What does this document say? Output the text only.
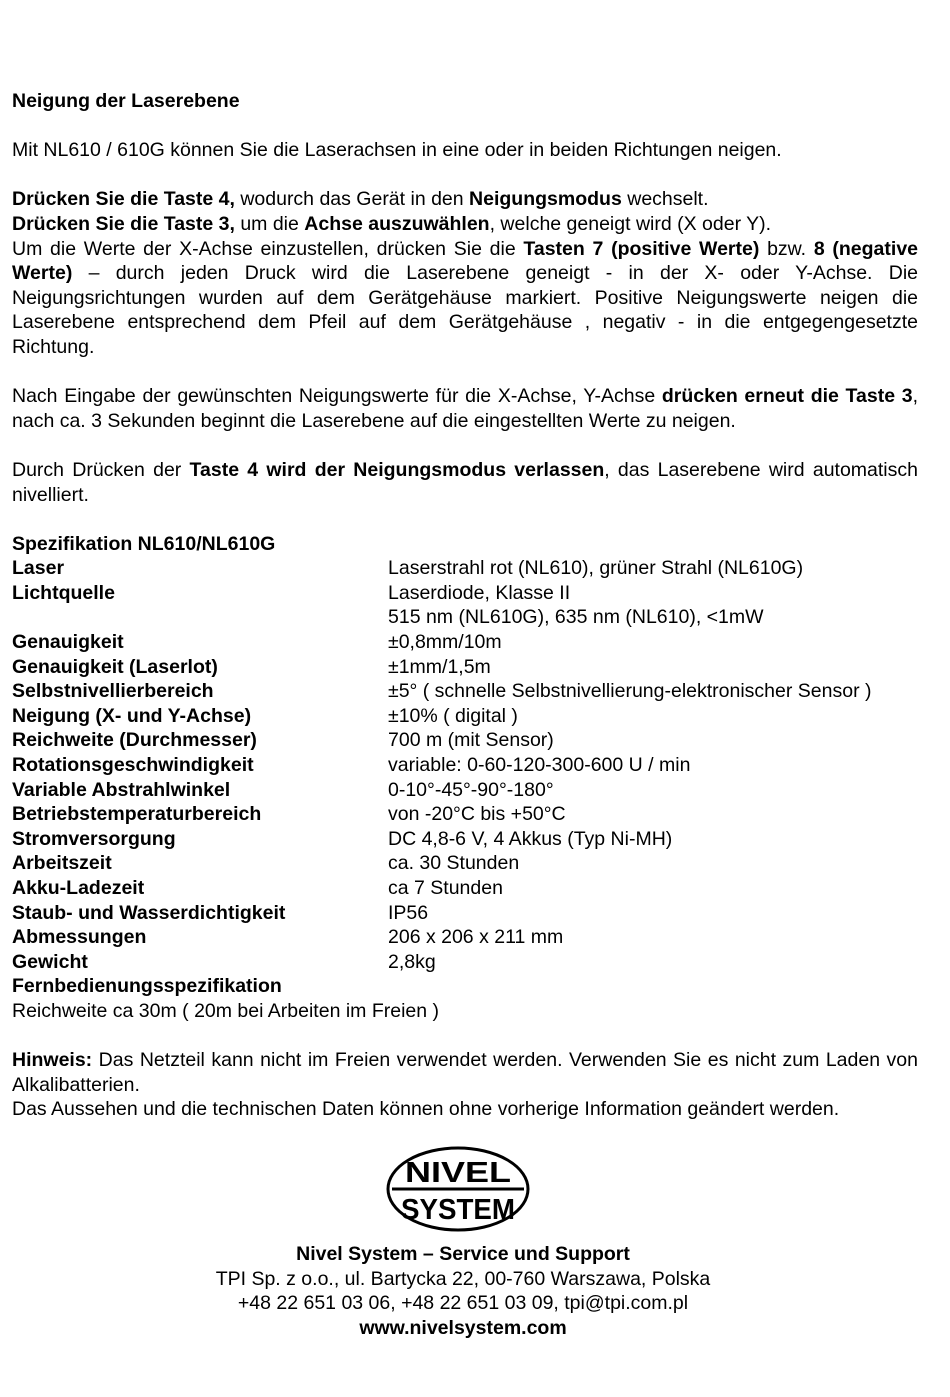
Neigung der Laserebene

Mit NL610 / 610G können Sie die Laserachsen in eine oder in beiden Richtungen neigen.

Drücken Sie die Taste 4, wodurch das Gerät in den Neigungsmodus wechselt.

Drücken Sie die Taste 3, um die Achse auszuwählen, welche geneigt wird (X oder Y).

Um die Werte der X-Achse einzustellen, drücken Sie die Tasten 7 (positive Werte) bzw. 8 (negative Werte) – durch jeden Druck wird die Laserebene geneigt - in der X- oder Y-Achse. Die Neigungsrichtungen wurden auf dem Gerätgehäuse markiert. Positive Neigungswerte neigen die Laserebene entsprechend dem Pfeil auf dem Gerätgehäuse , negativ - in die entgegengesetzte Richtung.

Nach Eingabe der gewünschten Neigungswerte für die X-Achse, Y-Achse drücken erneut die Taste 3, nach ca. 3 Sekunden beginnt die Laserebene auf die eingestellten Werte zu neigen.

Durch Drücken der Taste 4 wird der Neigungsmodus verlassen, das Laserebene wird automatisch nivelliert.

Spezifikation NL610/NL610G

Laser	Laserstrahl rot (NL610), grüner Strahl (NL610G)
Lichtquelle	Laserdiode, Klasse II
515 nm (NL610G), 635 nm (NL610), <1mW
Genauigkeit	±0,8mm/10m
Genauigkeit (Laserlot)	±1mm/1,5m
Selbstnivellierbereich	±5° ( schnelle Selbstnivellierung-elektronischer Sensor )
Neigung (X- und Y-Achse)	±10% ( digital )
Reichweite (Durchmesser)	700 m (mit Sensor)
Rotationsgeschwindigkeit	variable: 0-60-120-300-600 U / min
Variable Abstrahlwinkel	0-10°-45°-90°-180°
Betriebstemperaturbereich	von -20°C bis +50°C
Stromversorgung	DC 4,8-6 V, 4 Akkus (Typ Ni-MH)
Arbeitszeit	ca. 30 Stunden
Akku-Ladezeit	ca 7 Stunden
Staub- und Wasserdichtigkeit	IP56
Abmessungen	206 x 206 x 211 mm
Gewicht	2,8kg

Fernbedienungsspezifikation

Reichweite ca 30m ( 20m bei Arbeiten im Freien )

Hinweis: Das Netzteil kann nicht im Freien verwendet werden. Verwenden Sie es nicht zum Laden von Alkalibatterien.

Das Aussehen und die technischen Daten können ohne vorherige Information geändert werden.

NIVEL
SYSTEM

Nivel System – Service und Support

TPI Sp. z o.o., ul. Bartycka 22, 00-760 Warszawa, Polska

+48 22 651 03 06, +48 22 651 03 09, tpi@tpi.com.pl

www.nivelsystem.com
